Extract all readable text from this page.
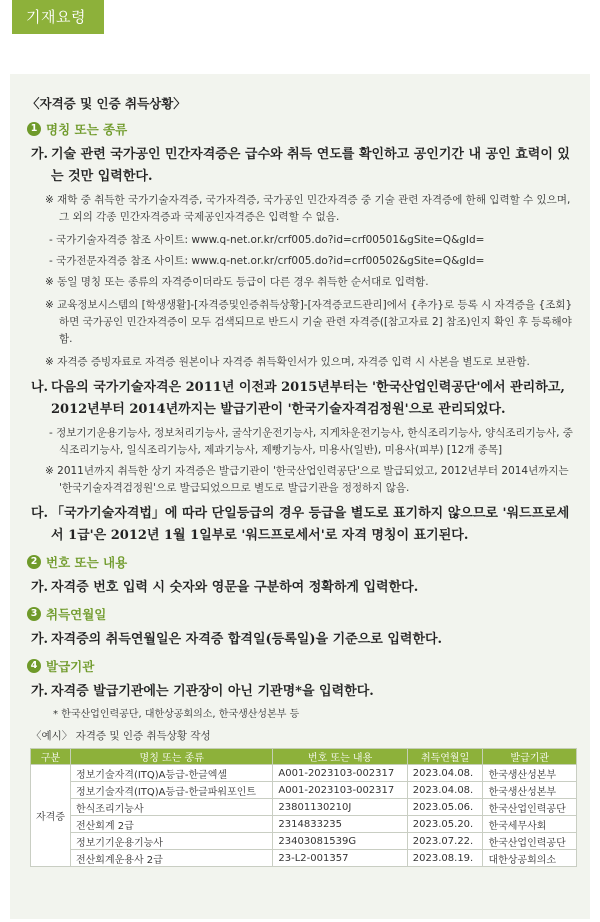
기재요령
〈자격증 및 인증 취득상황〉
1 명칭 또는 종류
가. 기술 관련 국가공인 민간자격증은 급수와 취득 연도를 확인하고 공인기간 내 공인 효력이 있는 것만 입력한다.
※ 재학 중 취득한 국가기술자격증, 국가자격증, 국가공인 민간자격증 중 기술 관련 자격증에 한해 입력할 수 있으며, 그 외의 각종 민간자격증과 국제공인자격증은 입력할 수 없음.
- 국가기술자격증 참조 사이트: www.q-net.or.kr/crf005.do?id=crf00501&gSite=Q&gId=
- 국가전문자격증 참조 사이트: www.q-net.or.kr/crf005.do?id=crf00502&gSite=Q&gId=
※ 동일 명칭 또는 종류의 자격증이더라도 등급이 다른 경우 취득한 순서대로 입력함.
※ 교육정보시스템의 [학생생활]-[자격증및인증취득상황]-[자격증코드관리]에서 {추가}로 등록 시 자격증을 {조회}하면 국가공인 민간자격증이 모두 검색되므로 반드시 기술 관련 자격증([참고자료 2] 참조)인지 확인 후 등록해야 함.
※ 자격증 증빙자료로 자격증 원본이나 자격증 취득확인서가 있으며, 자격증 입력 시 사본을 별도로 보관함.
나. 다음의 국가기술자격은 2011년 이전과 2015년부터는 '한국산업인력공단'에서 관리하고, 2012년부터 2014년까지는 발급기관이 '한국기술자격검정원'으로 관리되었다.
- 정보기기운용기능사, 정보처리기능사, 굴삭기운전기능사, 지게차운전기능사, 한식조리기능사, 양식조리기능사, 중식조리기능사, 일식조리기능사, 제과기능사, 제빵기능사, 미용사(일반), 미용사(피부) [12개 종목]
※ 2011년까지 취득한 상기 자격증은 발급기관이 '한국산업인력공단'으로 발급되었고, 2012년부터 2014년까지는 '한국기술자격검정원'으로 발급되었으므로 별도로 발급기관을 정정하지 않음.
다. 「국가기술자격법」에 따라 단일등급의 경우 등급을 별도로 표기하지 않으므로 '워드프로세서 1급'은 2012년 1월 1일부로 '워드프로세서'로 자격 명칭이 표기된다.
2 번호 또는 내용
가. 자격증 번호 입력 시 숫자와 영문을 구분하여 정확하게 입력한다.
3 취득연월일
가. 자격증의 취득연월일은 자격증 합격일(등록일)을 기준으로 입력한다.
4 발급기관
가. 자격증 발급기관에는 기관장이 아닌 기관명*을 입력한다.
* 한국산업인력공단, 대한상공회의소, 한국생산성본부 등
〈예시〉 자격증 및 인증 취득상황 작성
구분	명칭 또는 종류	번호 또는 내용	취득연월일	발급기관
자격증	정보기술자격(ITQ)A등급-한글엑셀	A001-2023103-002317	2023.04.08.	한국생산성본부
	정보기술자격(ITQ)A등급-한글파워포인트	A001-2023103-002317	2023.04.08.	한국생산성본부
	한식조리기능사	23801130210J	2023.05.06.	한국산업인력공단
	전산회계 2급	2314833235	2023.05.20.	한국세무사회
	정보기기운용기능사	23403081539G	2023.07.22.	한국산업인력공단
	전산회계운용사 2급	23-L2-001357	2023.08.19.	대한상공회의소
